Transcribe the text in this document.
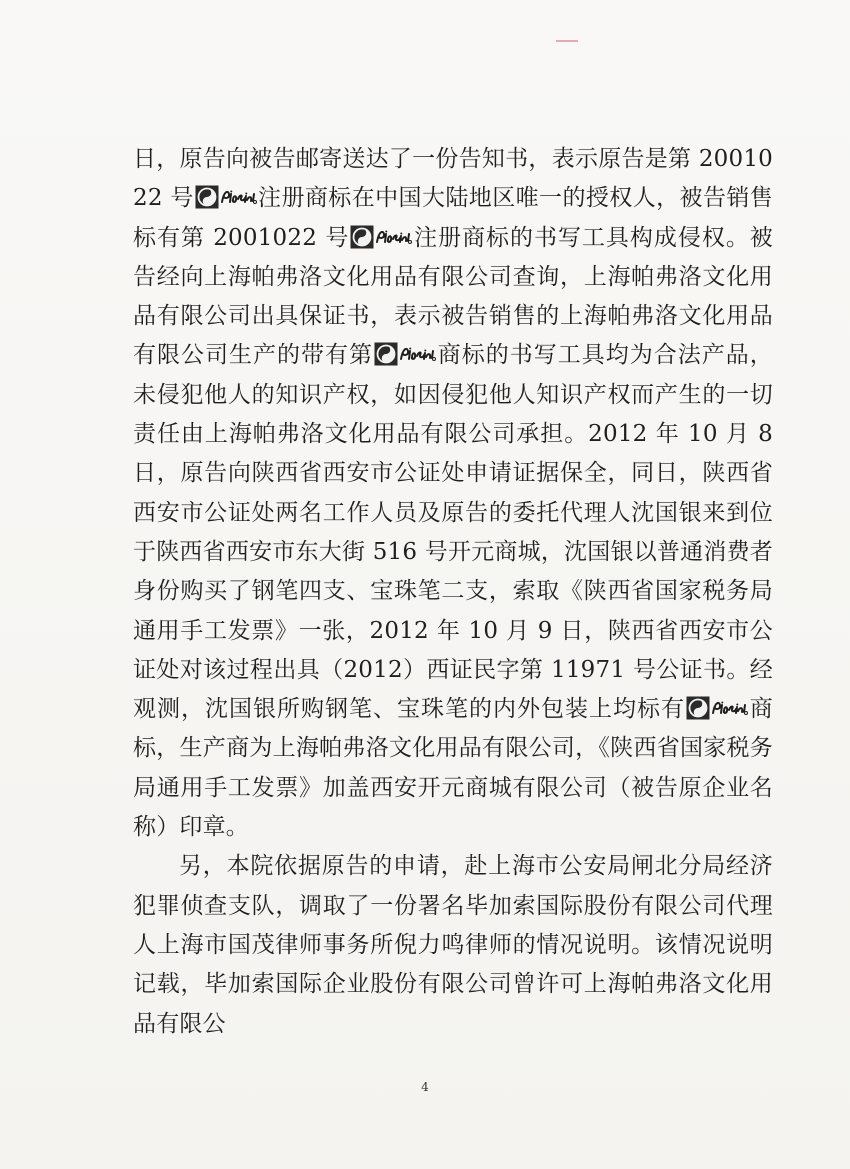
日，原告向被告邮寄送达了一份告知书，表示原告是第 2001022 号	注册商标在中国大陆地区唯一的授权人，被告销售标有第 2001022 号	注册商标的书写工具构成侵权。被告经向上海帕弗洛文化用品有限公司查询，上海帕弗洛文化用品有限公司出具保证书，表示被告销售的上海帕弗洛文化用品有限公司生产的带有第	商标的书写工具均为合法产品，未侵犯他人的知识产权，如因侵犯他人知识产权而产生的一切责任由上海帕弗洛文化用品有限公司承担。2012 年 10 月 8 日，原告向陕西省西安市公证处申请证据保全，同日，陕西省西安市公证处两名工作人员及原告的委托代理人沈国银来到位于陕西省西安市东大街 516 号开元商城，沈国银以普通消费者身份购买了钢笔四支、宝珠笔二支，索取《陕西省国家税务局通用手工发票》一张，2012 年 10 月 9 日，陕西省西安市公证处对该过程出具（2012）西证民字第 11971 号公证书。经观测，沈国银所购钢笔、宝珠笔的内外包装上均标有	商标，生产商为上海帕弗洛文化用品有限公司，《陕西省国家税务局通用手工发票》加盖西安开元商城有限公司（被告原企业名称）印章。

另，本院依据原告的申请，赴上海市公安局闸北分局经济犯罪侦查支队，调取了一份署名毕加索国际股份有限公司代理人上海市国茂律师事务所倪力鸣律师的情况说明。该情况说明记载，毕加索国际企业股份有限公司曾许可上海帕弗洛文化用品有限公

4
